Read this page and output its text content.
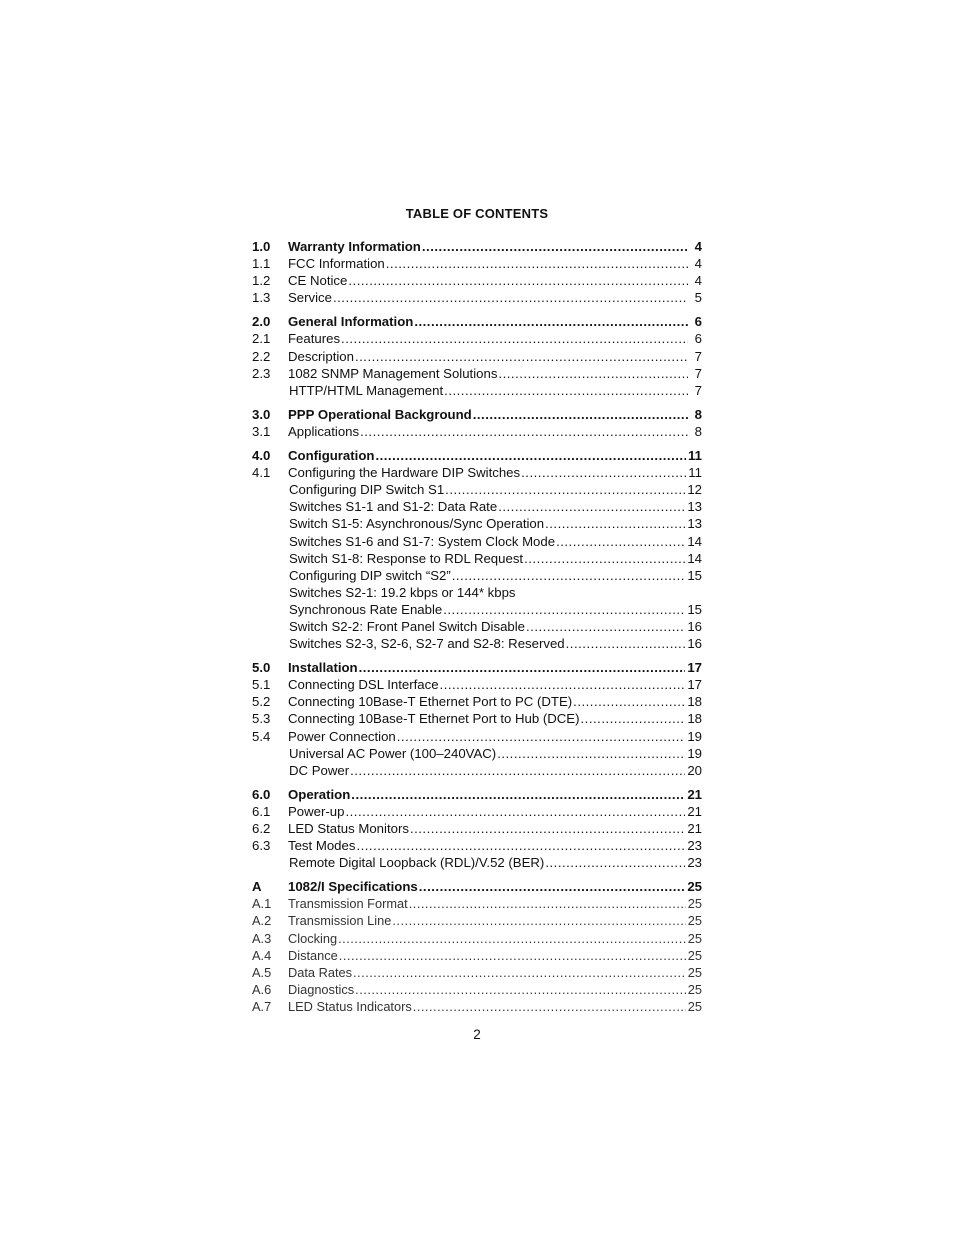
TABLE OF CONTENTS
1.0	Warranty Information .....	4
1.1	FCC Information .....	4
1.2	CE Notice .....	4
1.3	Service .....	5
2.0	General Information .....	6
2.1	Features .....	6
2.2	Description .....	7
2.3	1082 SNMP Management Solutions .....	7
HTTP/HTML Management .....	7
3.0	PPP Operational Background .....	8
3.1	Applications .....	8
4.0	Configuration .....	11
4.1	Configuring the Hardware DIP Switches .....	11
Configuring DIP Switch S1 .....	12
Switches S1-1 and S1-2: Data Rate .....	13
Switch S1-5: Asynchronous/Sync Operation .....	13
Switches S1-6 and S1-7: System Clock Mode .....	14
Switch S1-8: Response to RDL Request .....	14
Configuring DIP switch “S2” .....	15
Switches S2-1: 19.2 kbps or 144* kbps
Synchronous Rate Enable .....	15
Switch S2-2: Front Panel Switch Disable .....	16
Switches S2-3, S2-6, S2-7 and S2-8: Reserved .....	16
5.0	Installation .....	17
5.1	Connecting DSL Interface .....	17
5.2	Connecting 10Base-T Ethernet Port to PC (DTE) .....	18
5.3	Connecting 10Base-T Ethernet Port to Hub (DCE) .....	18
5.4	Power Connection .....	19
Universal AC Power (100–240VAC) .....	19
DC Power .....	20
6.0	Operation .....	21
6.1	Power-up .....	21
6.2	LED Status Monitors .....	21
6.3	Test Modes .....	23
Remote Digital Loopback (RDL)/V.52 (BER) .....	23
A	1082/I Specifications .....	25
A.1	Transmission Format .....	25
A.2	Transmission Line .....	25
A.3	Clocking .....	25
A.4	Distance .....	25
A.5	Data Rates .....	25
A.6	Diagnostics .....	25
A.7	LED Status Indicators .....	25
2
